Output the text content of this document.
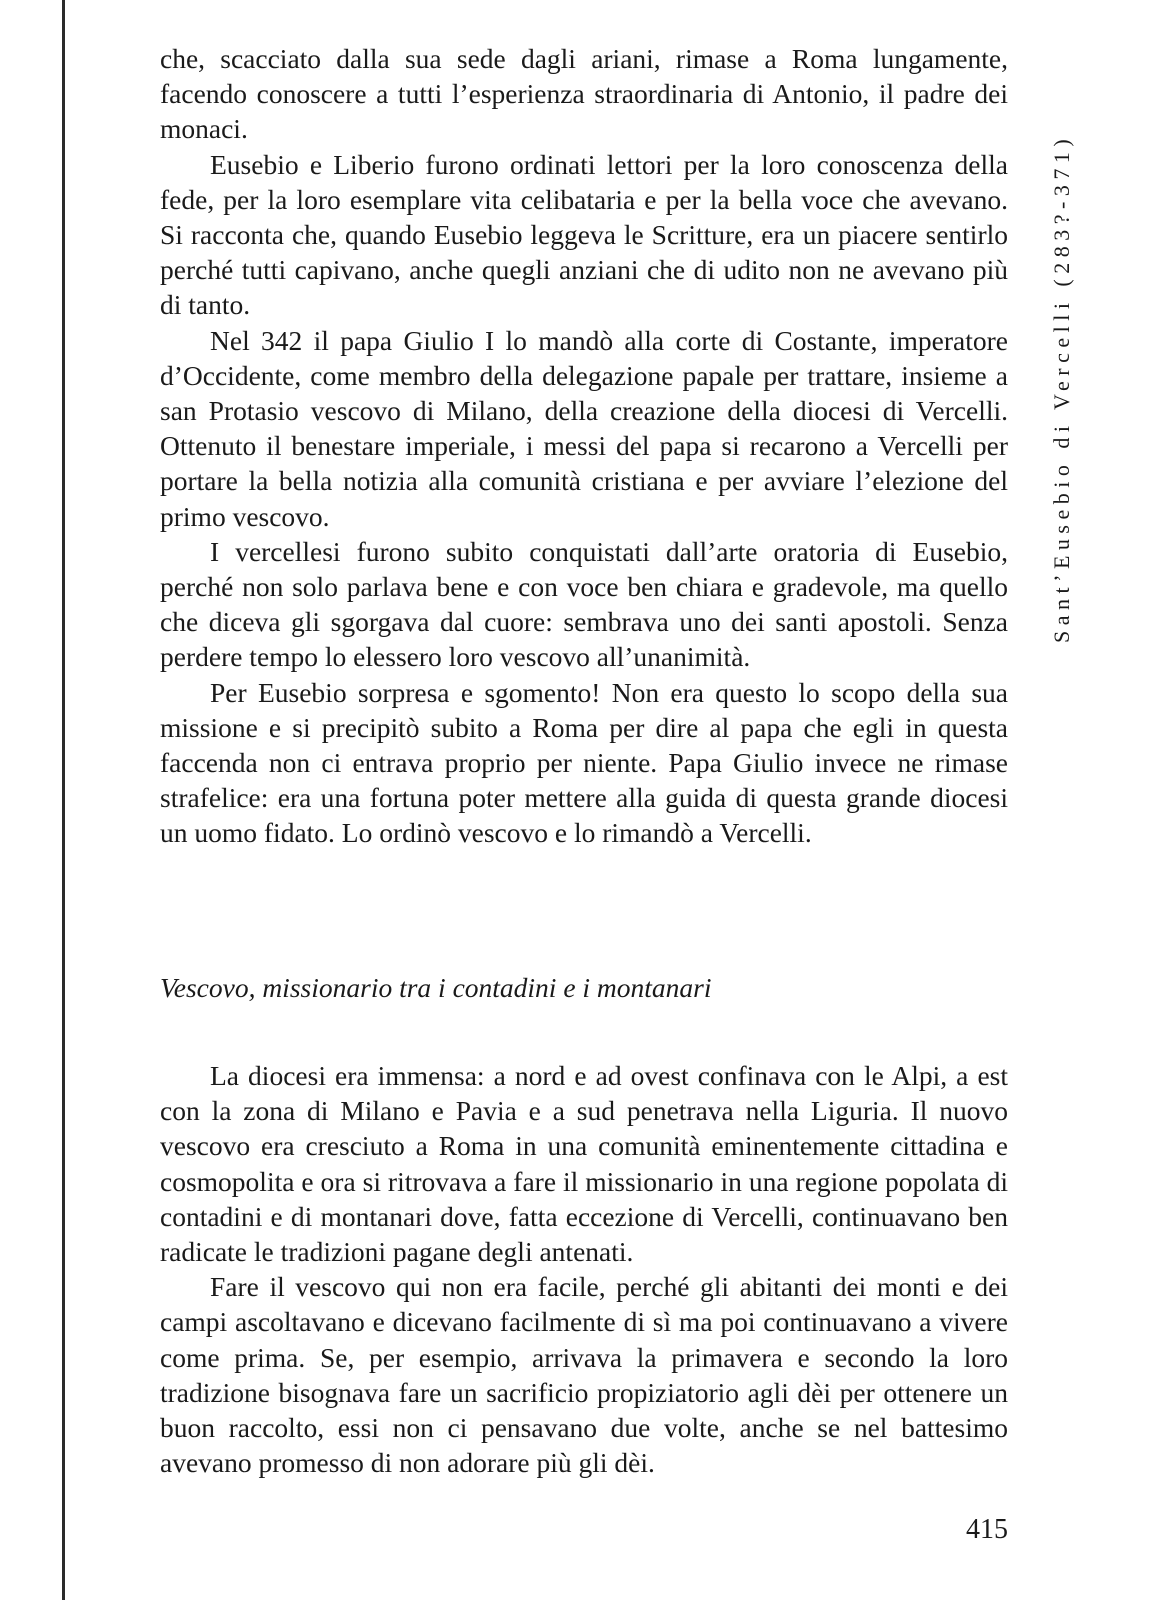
Sant’Eusebio di Vercelli (283?-371)

che, scacciato dalla sua sede dagli ariani, rimase a Roma lungamente, facendo conoscere a tutti l’esperienza straordinaria di Antonio, il padre dei monaci.

Eusebio e Liberio furono ordinati lettori per la loro conoscenza della fede, per la loro esemplare vita celibataria e per la bella voce che avevano. Si racconta che, quando Eusebio leggeva le Scritture, era un piacere sentirlo perché tutti capivano, anche quegli anziani che di udito non ne avevano più di tanto.

Nel 342 il papa Giulio I lo mandò alla corte di Costante, imperatore d’Occidente, come membro della delegazione papale per trattare, insieme a san Protasio vescovo di Milano, della creazione della diocesi di Vercelli. Ottenuto il benestare imperiale, i messi del papa si recarono a Vercelli per portare la bella notizia alla comunità cristiana e per avviare l’elezione del primo vescovo.

I vercellesi furono subito conquistati dall’arte oratoria di Eusebio, perché non solo parlava bene e con voce ben chiara e gradevole, ma quello che diceva gli sgorgava dal cuore: sembrava uno dei santi apostoli. Senza perdere tempo lo elessero loro vescovo all’unanimità.

Per Eusebio sorpresa e sgomento! Non era questo lo scopo della sua missione e si precipitò subito a Roma per dire al papa che egli in questa faccenda non ci entrava proprio per niente. Papa Giulio invece ne rimase strafelice: era una fortuna poter mettere alla guida di questa grande diocesi un uomo fidato. Lo ordinò vescovo e lo rimandò a Vercelli.

Vescovo, missionario tra i contadini e i montanari

La diocesi era immensa: a nord e ad ovest confinava con le Alpi, a est con la zona di Milano e Pavia e a sud penetrava nella Liguria. Il nuovo vescovo era cresciuto a Roma in una comunità eminentemente cittadina e cosmopolita e ora si ritrovava a fare il missionario in una regione popolata di contadini e di montanari dove, fatta eccezione di Vercelli, continuavano ben radicate le tradizioni pagane degli antenati.

Fare il vescovo qui non era facile, perché gli abitanti dei monti e dei campi ascoltavano e dicevano facilmente di sì ma poi continuavano a vivere come prima. Se, per esempio, arrivava la primavera e secondo la loro tradizione bisognava fare un sacrificio propiziatorio agli dèi per ottenere un buon raccolto, essi non ci pensavano due volte, anche se nel battesimo avevano promesso di non adorare più gli dèi.

415
